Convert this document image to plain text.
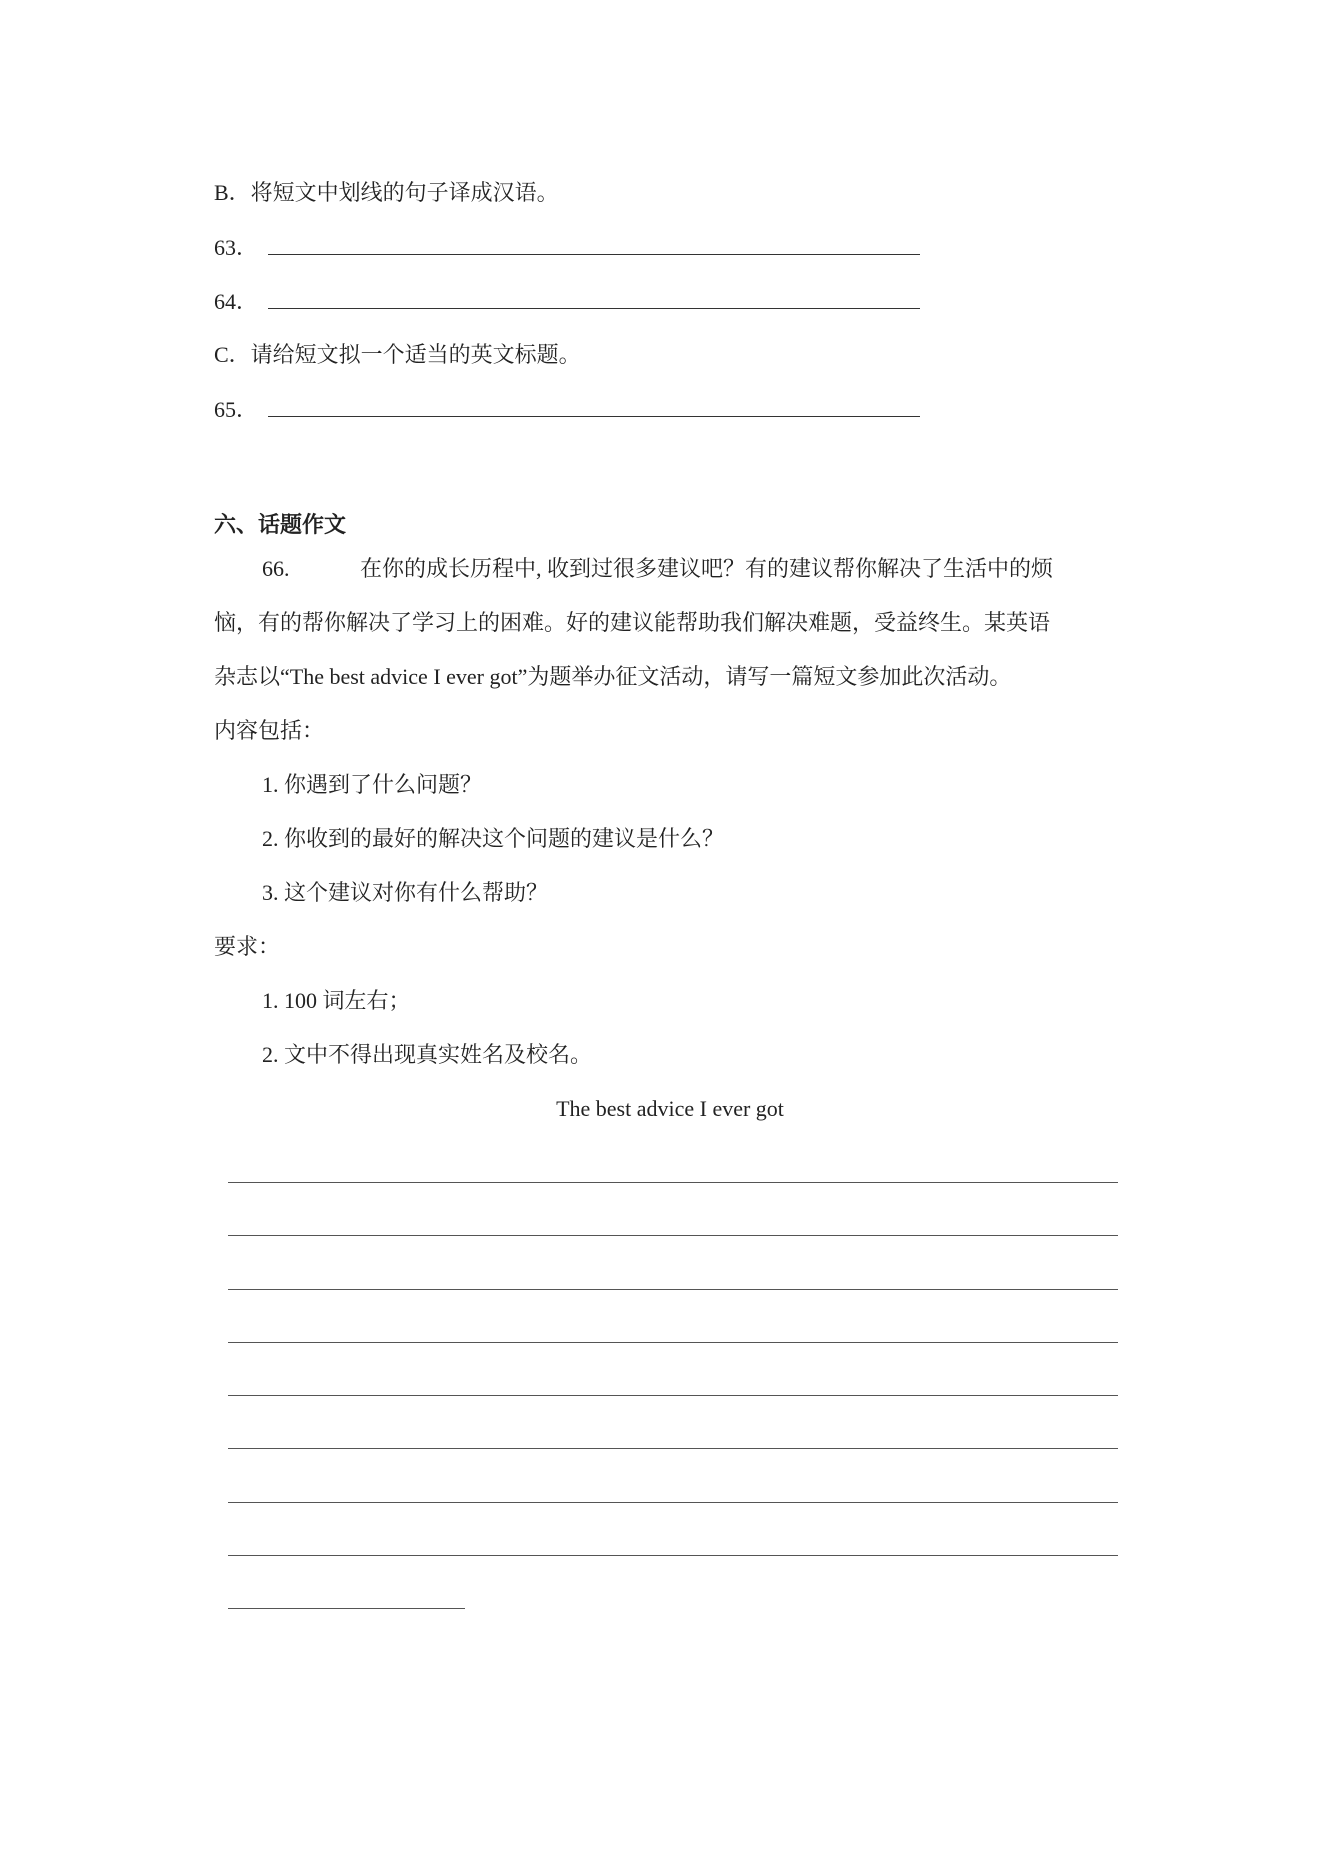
B．将短文中划线的句子译成汉语。
63．
64．
C．请给短文拟一个适当的英文标题。
65．
六、话题作文
66.	在你的成长历程中, 收到过很多建议吧？有的建议帮你解决了生活中的烦
恼，有的帮你解决了学习上的困难。好的建议能帮助我们解决难题，受益终生。某英语
杂志以“The best advice I ever got”为题举办征文活动，请写一篇短文参加此次活动。
内容包括：
1. 你遇到了什么问题？
2. 你收到的最好的解决这个问题的建议是什么？
3. 这个建议对你有什么帮助？
要求：
1. 100 词左右；
2. 文中不得出现真实姓名及校名。
The best advice I ever got
